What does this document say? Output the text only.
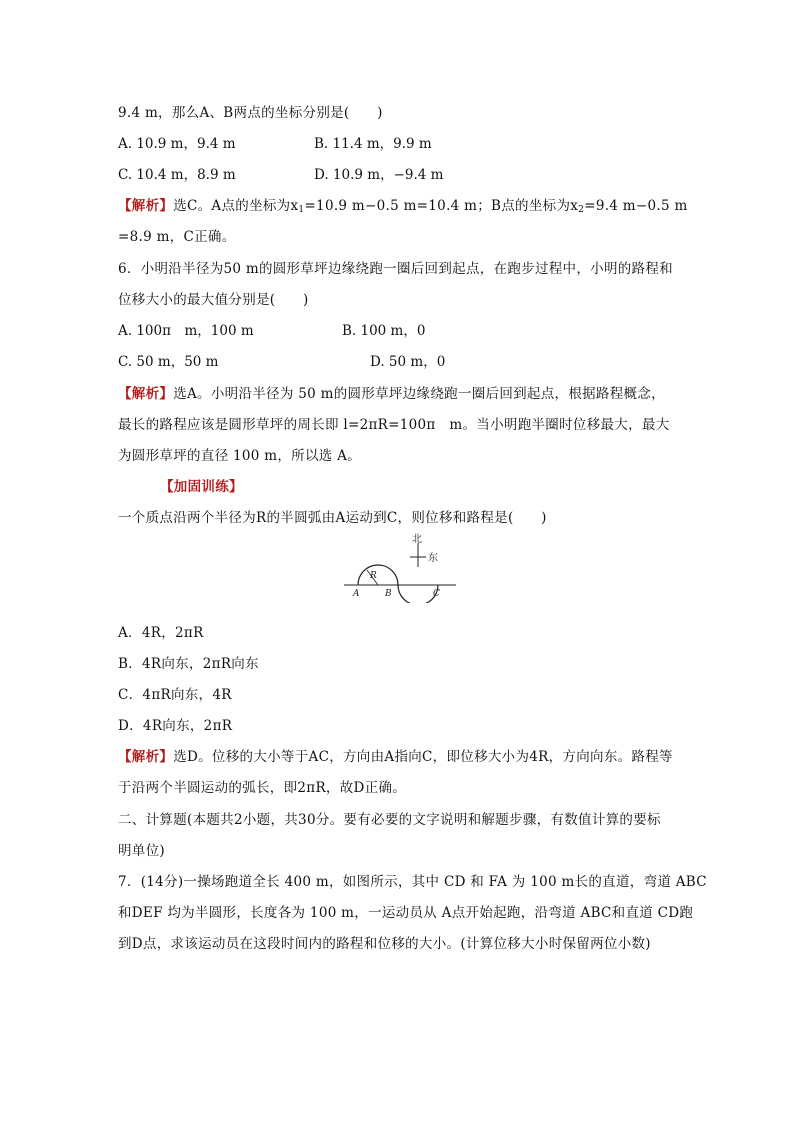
9.4 m，那么A、B两点的坐标分别是(　　)
A. 10.9 m，9.4 m	B. 11.4 m，9.9 m
C. 10.4 m，8.9 m	D. 10.9 m，−9.4 m
【解析】选C。A点的坐标为$x_1=10.9$ m−0.5 m=10.4 m；B点的坐标为$x_2=9.4$ m−0.5 m
=8.9 m，C正确。
6．小明沿半径为50 m的圆形草坪边缘绕跑一圈后回到起点，在跑步过程中，小明的路程和
位移大小的最大值分别是(　　)
A. 100π　m，100 m	B. 100 m，0
C. 50 m，50 m	D. 50 m，0
【解析】选A。小明沿半径为 50 m的圆形草坪边缘绕跑一圈后回到起点，根据路程概念，
最长的路程应该是圆形草坪的周长即 l=2πR=100π　m。当小明跑半圈时位移最大，最大
为圆形草坪的直径 100 m，所以选 A。
【加固训练】
一个质点沿两个半径为R的半圆弧由A运动到C，则位移和路程是(　　)
北
东
R
A	B	C
A．4R，2πR
B．4R向东，2πR向东
C．4πR向东，4R
D．4R向东，2πR
【解析】选D。位移的大小等于AC，方向由A指向C，即位移大小为4R，方向向东。路程等
于沿两个半圆运动的弧长，即2πR，故D正确。
二、计算题(本题共2小题，共30分。要有必要的文字说明和解题步骤，有数值计算的要标
明单位)
7．(14分)一操场跑道全长 400 m，如图所示，其中 CD 和 FA 为 100 m长的直道，弯道 ABC
和DEF 均为半圆形，长度各为 100 m，一运动员从 A点开始起跑，沿弯道 ABC和直道 CD跑
到D点，求该运动员在这段时间内的路程和位移的大小。(计算位移大小时保留两位小数)
